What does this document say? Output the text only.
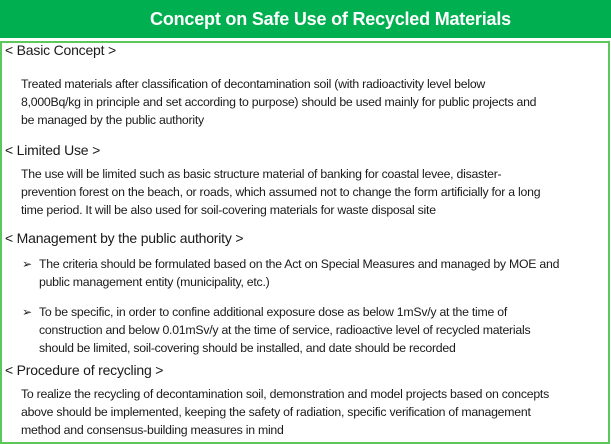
Concept on Safe Use of Recycled Materials
< Basic Concept >
Treated materials after classification of decontamination soil (with radioactivity level below
8,000Bq/kg in principle and set according to purpose) should be used mainly for public projects and
be managed by the public authority
< Limited Use >
The use will be limited such as basic structure material of banking for coastal levee, disaster-
prevention forest on the beach, or roads, which assumed not to change the form artificially for a long
time period. It will be also used for soil-covering materials for waste disposal site
< Management by the public authority >
➢ The criteria should be formulated based on the Act on Special Measures and managed by MOE and
public management entity (municipality, etc.)
➢ To be specific, in order to confine additional exposure dose as below 1mSv/y at the time of
construction and below 0.01mSv/y at the time of service, radioactive level of recycled materials
should be limited, soil-covering should be installed, and date should be recorded
< Procedure of recycling >
To realize the recycling of decontamination soil, demonstration and model projects based on concepts
above should be implemented, keeping the safety of radiation, specific verification of management
method and consensus-building measures in mind
